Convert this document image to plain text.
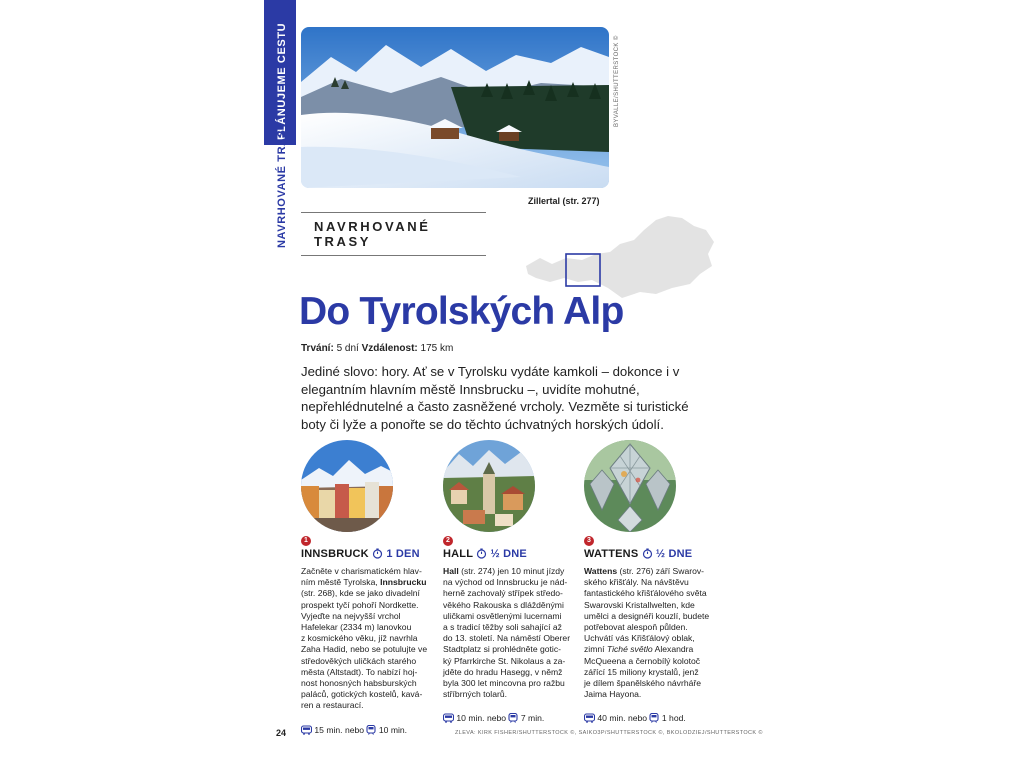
PLÁNUJEME CESTU
NAVRHOVANÉ TRASY
BYVALLE/SHUTTERSTOCK ©
Zillertal (str. 277)
NAVRHOVANÉ TRASY
Do Tyrolských Alp
Trvání: 5 dní Vzdálenost: 175 km
Jediné slovo: hory. Ať se v Tyrolsku vydáte kamkoli – dokonce i v elegantním hlavním městě Innsbrucku –, uvidíte mohutné, nepřehlédnutelné a často zasněžené vrcholy. Vezměte si turistické boty či lyže a ponořte se do těchto úchvatných horských údolí.
1
INNSBRUCK 1 DEN
Začněte v charismatickém hlav-
ním městě Tyrolska, Innsbrucku
(str. 268), kde se jako divadelní
prospekt tyčí pohoří Nordkette.
Vyjeďte na nejvyšší vrchol
Hafelekar (2334 m) lanovkou
z kosmického věku, jíž navrhla
Zaha Hadid, nebo se potulujte ve
středověkých uličkách starého
města (Altstadt). To nabízí hoj-
nost honosných habsburských
paláců, gotických kostelů, kavá-
ren a restaurací.
15 min. nebo 10 min.
2
HALL ½ DNE
Hall (str. 274) jen 10 minut jízdy
na východ od Innsbrucku je nád-
herně zachovalý střípek středo-
věkého Rakouska s dlážděnými
uličkami osvětlenými lucernami
a s tradicí těžby soli sahající až
do 13. století. Na náměstí Oberer
Stadtplatz si prohlédněte gotic-
ký Pfarrkirche St. Nikolaus a za-
jděte do hradu Hasegg, v němž
byla 300 let mincovna pro ražbu
stříbrných tolarů.
10 min. nebo 7 min.
3
WATTENS ½ DNE
Wattens (str. 276) září Swarov-
ského křišťály. Na návštěvu
fantastického křišťálového světa
Swarovski Kristallwelten, kde
umělci a designéři kouzlí, budete
potřebovat alespoň půlden.
Uchvátí vás Křišťálový oblak,
zimní Tiché světlo Alexandra
McQueena a černobílý kolotoč
zářící 15 miliony krystalů, jenž
je dílem španělského návrháře
Jaima Hayona.
40 min. nebo 1 hod.
24	ZLEVA: KIRK FISHER/SHUTTERSTOCK ©, SAIKO3P/SHUTTERSTOCK ©, BKOLODZIEJ/SHUTTERSTOCK ©
